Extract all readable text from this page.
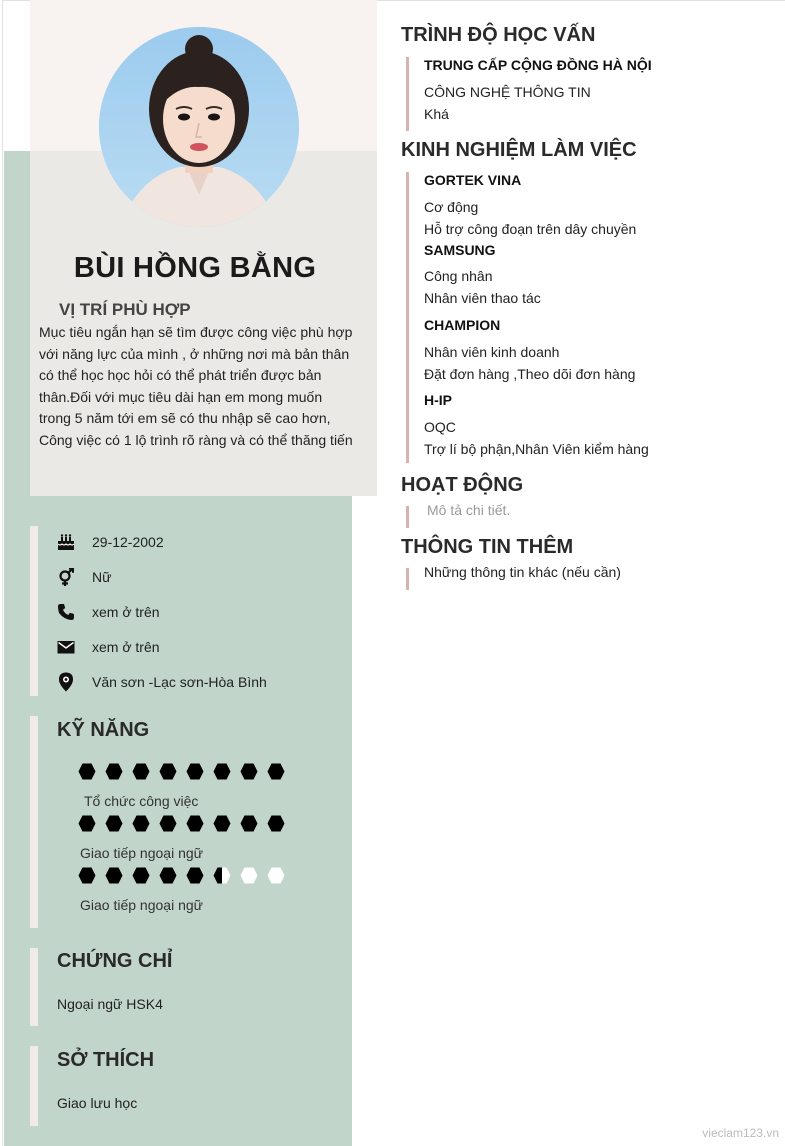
BÙI HỒNG BẰNG
VỊ TRÍ PHÙ HỢP
Mục tiêu ngắn hạn sẽ tìm được công việc phù hợp với năng lực của mình , ở những nơi mà bản thân có thể học học hỏi có thể phát triển được bản thân.Đối với mục tiêu dài hạn em mong muốn trong 5 năm tới em sẽ có thu nhập sẽ cao hơn, Công việc có 1 lộ trình rõ ràng và có thể thăng tiến
29-12-2002
Nữ
xem ở trên
xem ở trên
Văn sơn -Lạc sơn-Hòa Bình
KỸ NĂNG
Tổ chức công việc
Giao tiếp ngoại ngữ
Giao tiếp ngoại ngữ
CHỨNG CHỈ
Ngoại ngữ HSK4
SỞ THÍCH
Giao lưu học
TRÌNH ĐỘ HỌC VẤN
TRUNG CẤP CỘNG ĐỒNG HÀ NỘI
CÔNG NGHỆ THÔNG TIN
Khá
KINH NGHIỆM LÀM VIỆC
GORTEK VINA
Cơ động
Hỗ trợ công đoạn trên dây chuyền
SAMSUNG
Công nhân
Nhân viên thao tác
CHAMPION
Nhân viên kinh doanh
Đặt đơn hàng ,Theo dõi đơn hàng
H-IP
OQC
Trợ lí bộ phận,Nhân Viên kiểm hàng
HOẠT ĐỘNG
Mô tả chi tiết.
THÔNG TIN THÊM
Những thông tin khác (nếu cần)
vieclam123.vn
